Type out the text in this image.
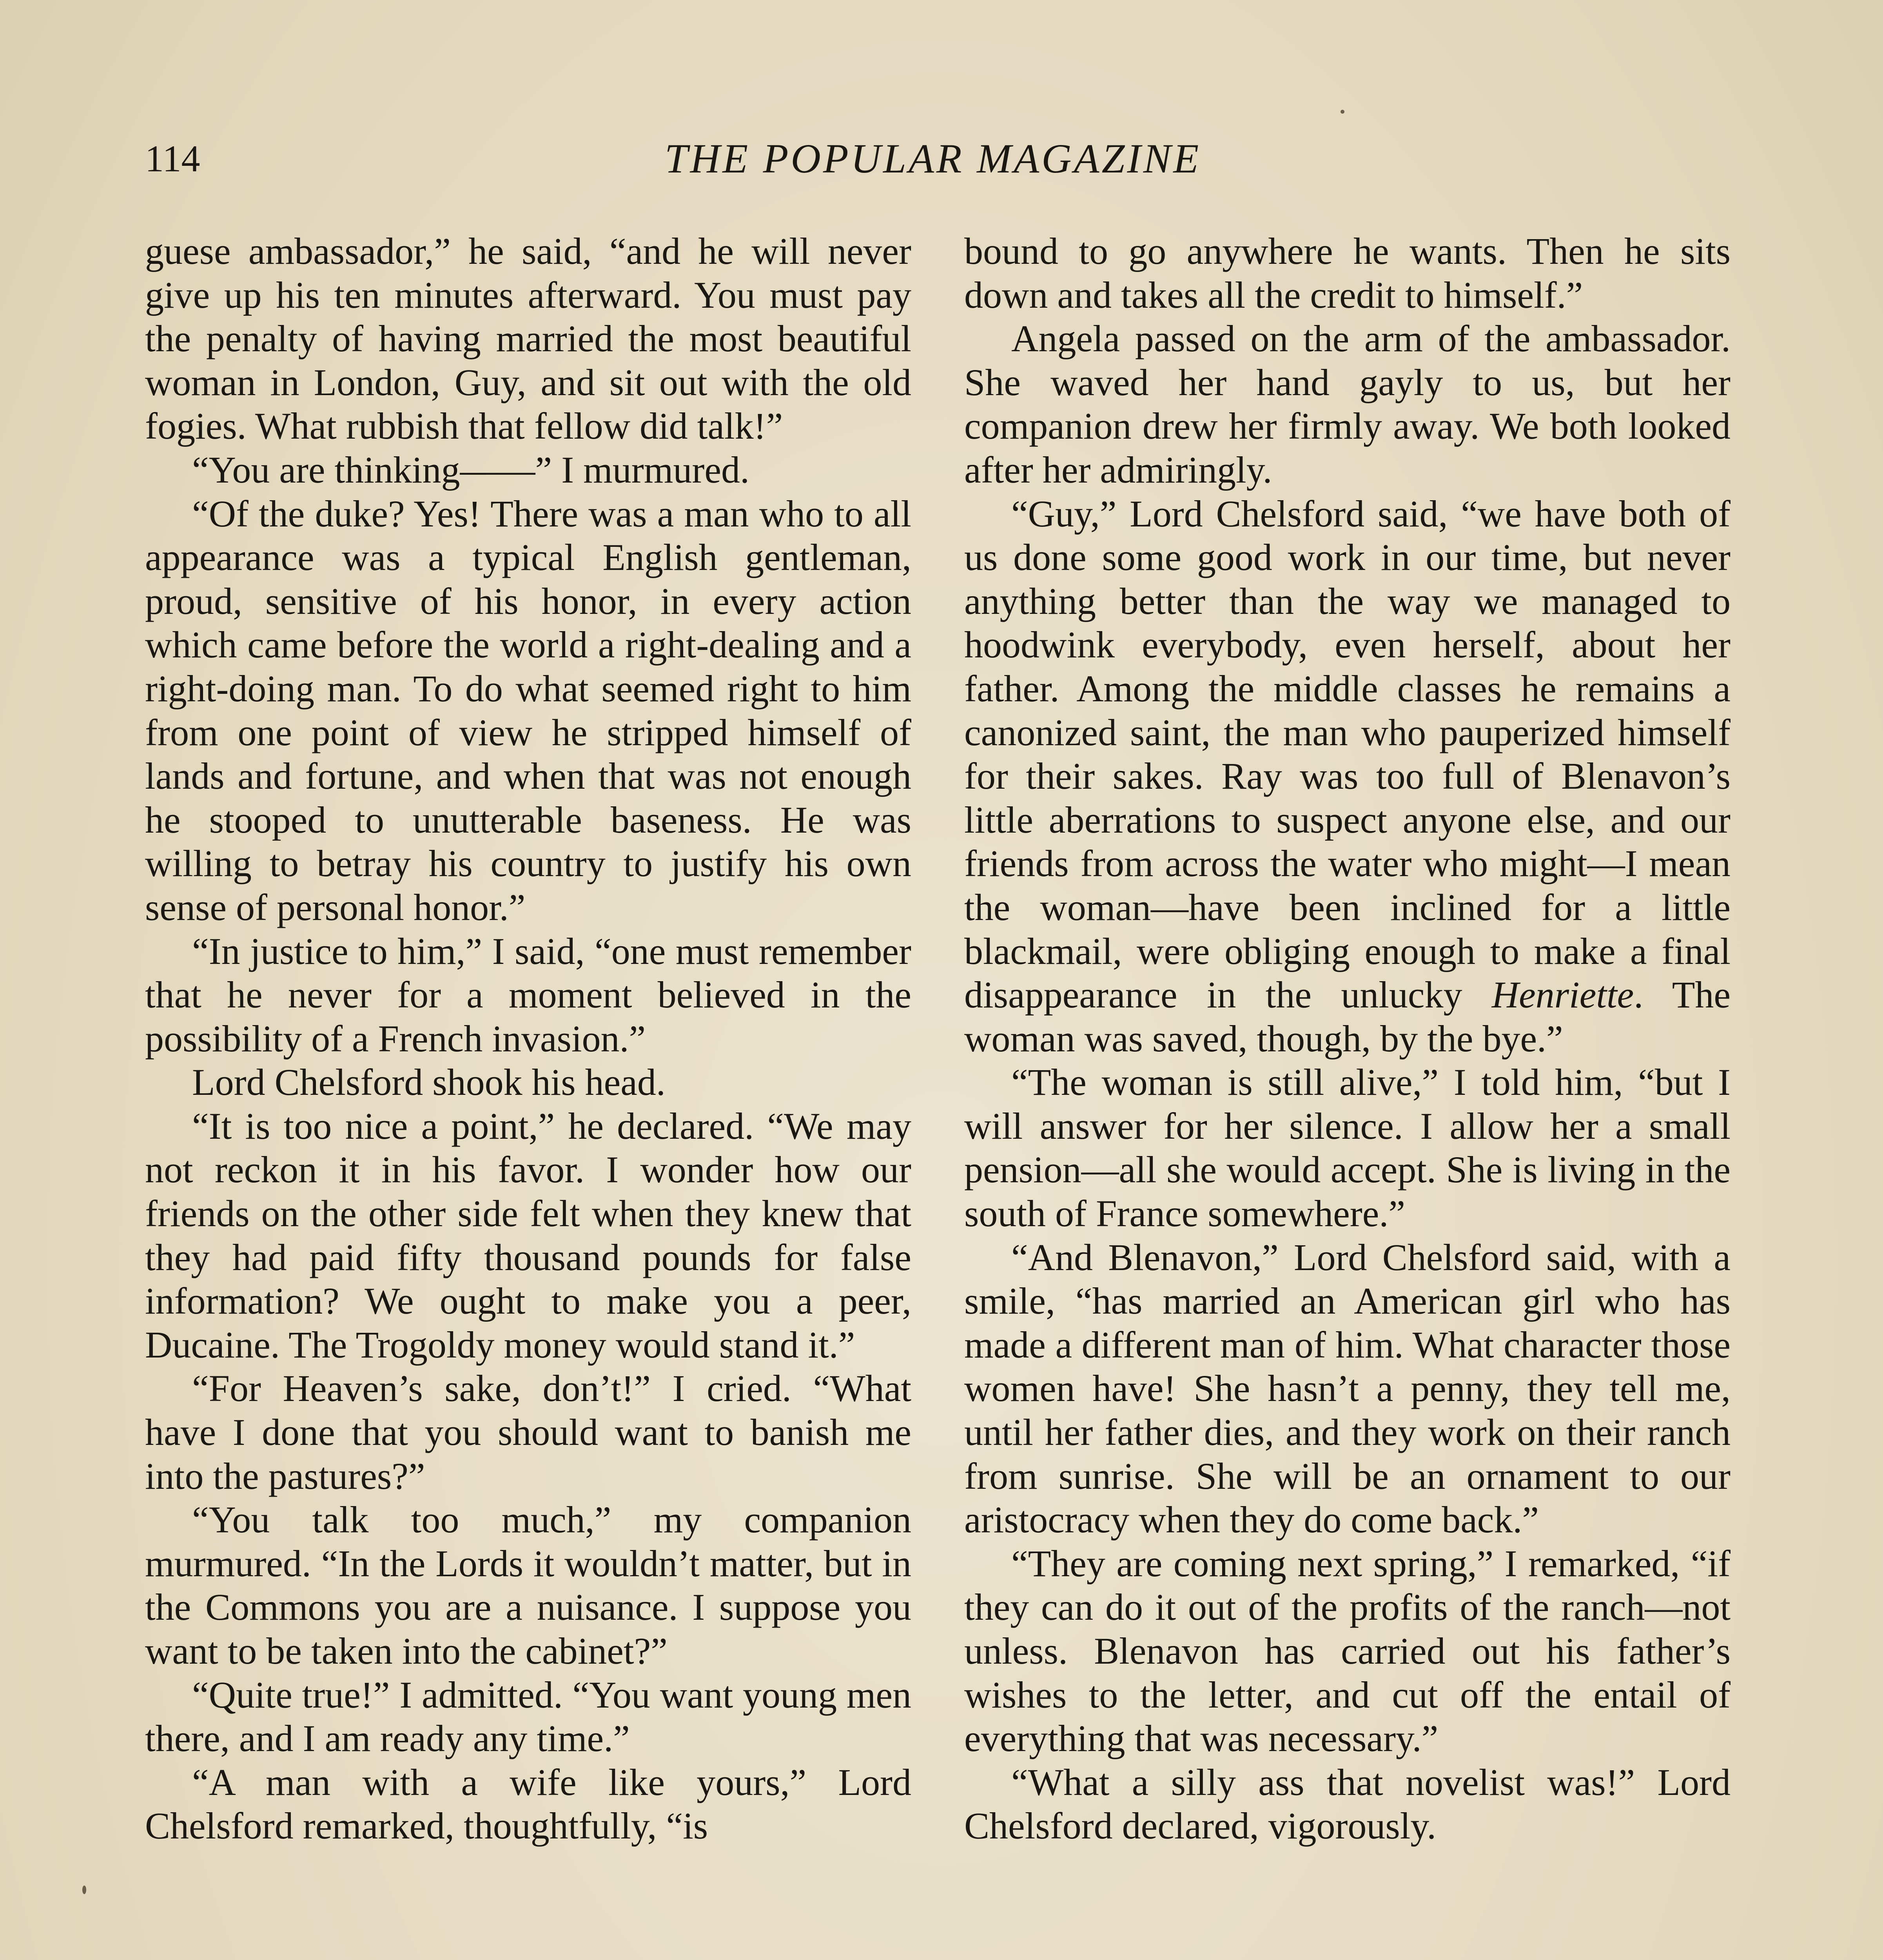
114	THE POPULAR MAGAZINE

guese ambassador,” he said, “and he will never give up his ten minutes afterward. You must pay the penalty of having married the most beautiful woman in London, Guy, and sit out with the old fogies. What rubbish that fellow did talk!”

“You are thinking——” I murmured.

“Of the duke? Yes! There was a man who to all appearance was a typical English gentleman, proud, sensitive of his honor, in every action which came before the world a right-dealing and a right-doing man. To do what seemed right to him from one point of view he stripped himself of lands and fortune, and when that was not enough he stooped to unutterable baseness. He was willing to betray his country to justify his own sense of personal honor.”

“In justice to him,” I said, “one must remember that he never for a moment believed in the possibility of a French invasion.”

Lord Chelsford shook his head.

“It is too nice a point,” he declared. “We may not reckon it in his favor. I wonder how our friends on the other side felt when they knew that they had paid fifty thousand pounds for false information? We ought to make you a peer, Ducaine. The Trogoldy money would stand it.”

“For Heaven’s sake, don’t!” I cried. “What have I done that you should want to banish me into the pastures?”

“You talk too much,” my companion murmured. “In the Lords it wouldn’t matter, but in the Commons you are a nuisance. I suppose you want to be taken into the cabinet?”

“Quite true!” I admitted. “You want young men there, and I am ready any time.”

“A man with a wife like yours,” Lord Chelsford remarked, thoughtfully, “is

bound to go anywhere he wants. Then he sits down and takes all the credit to himself.”

Angela passed on the arm of the ambassador. She waved her hand gayly to us, but her companion drew her firmly away. We both looked after her admiringly.

“Guy,” Lord Chelsford said, “we have both of us done some good work in our time, but never anything better than the way we managed to hoodwink everybody, even herself, about her father. Among the middle classes he remains a canonized saint, the man who pauperized himself for their sakes. Ray was too full of Blenavon’s little aberrations to suspect anyone else, and our friends from across the water who might—I mean the woman—have been inclined for a little blackmail, were obliging enough to make a final disappearance in the unlucky Henriette. The woman was saved, though, by the bye.”

“The woman is still alive,” I told him, “but I will answer for her silence. I allow her a small pension—all she would accept. She is living in the south of France somewhere.”

“And Blenavon,” Lord Chelsford said, with a smile, “has married an American girl who has made a different man of him. What character those women have! She hasn’t a penny, they tell me, until her father dies, and they work on their ranch from sunrise. She will be an ornament to our aristocracy when they do come back.”

“They are coming next spring,” I remarked, “if they can do it out of the profits of the ranch—not unless. Blenavon has carried out his father’s wishes to the letter, and cut off the entail of everything that was necessary.”

“What a silly ass that novelist was!” Lord Chelsford declared, vigorously.
